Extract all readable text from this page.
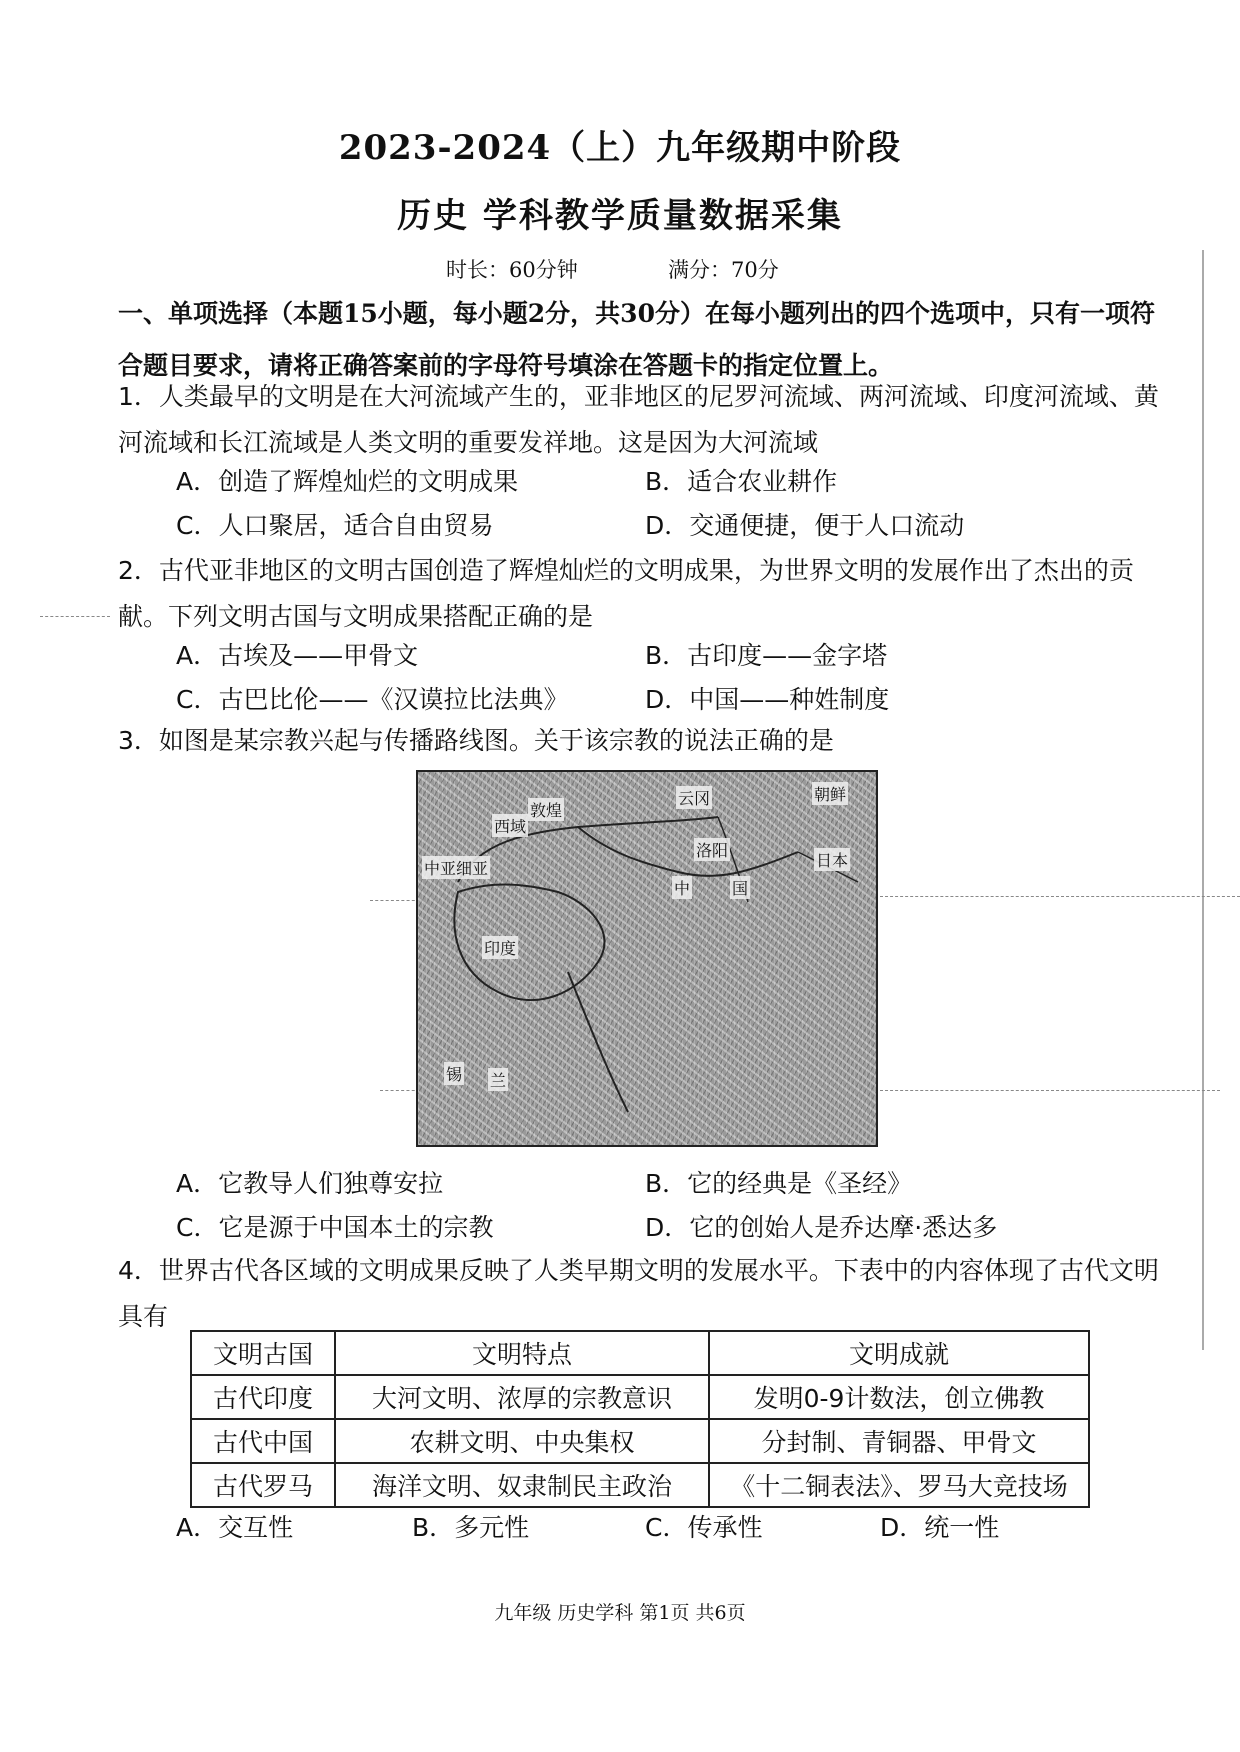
2023-2024（上）九年级期中阶段
历史 学科教学质量数据采集
时长：60分钟	满分：70分
一、单项选择（本题15小题，每小题2分，共30分）在每小题列出的四个选项中，只有一项符合题目要求，请将正确答案前的字母符号填涂在答题卡的指定位置上。
1．人类最早的文明是在大河流域产生的，亚非地区的尼罗河流域、两河流域、印度河流域、黄河流域和长江流域是人类文明的重要发祥地。这是因为大河流域
A．创造了辉煌灿烂的文明成果	B．适合农业耕作
C．人口聚居，适合自由贸易	D．交通便捷，便于人口流动
2．古代亚非地区的文明古国创造了辉煌灿烂的文明成果，为世界文明的发展作出了杰出的贡献。下列文明古国与文明成果搭配正确的是
A．古埃及——甲骨文	B．古印度——金字塔
C．古巴比伦——《汉谟拉比法典》	D．中国——种姓制度
3．如图是某宗教兴起与传播路线图。关于该宗教的说法正确的是
敦煌
西域
中亚细亚
云冈	朝鲜
洛阳
日本
中	国
印度
锡 兰
A．它教导人们独尊安拉	B．它的经典是《圣经》
C．它是源于中国本土的宗教	D．它的创始人是乔达摩·悉达多
4．世界古代各区域的文明成果反映了人类早期文明的发展水平。下表中的内容体现了古代文明具有
文明古国	文明特点	文明成就
古代印度	大河文明、浓厚的宗教意识	发明0-9计数法，创立佛教
古代中国	农耕文明、中央集权	分封制、青铜器、甲骨文
古代罗马	海洋文明、奴隶制民主政治	《十二铜表法》、罗马大竞技场
A．交互性	B．多元性	C．传承性	D．统一性
九年级 历史学科 第1页 共6页
